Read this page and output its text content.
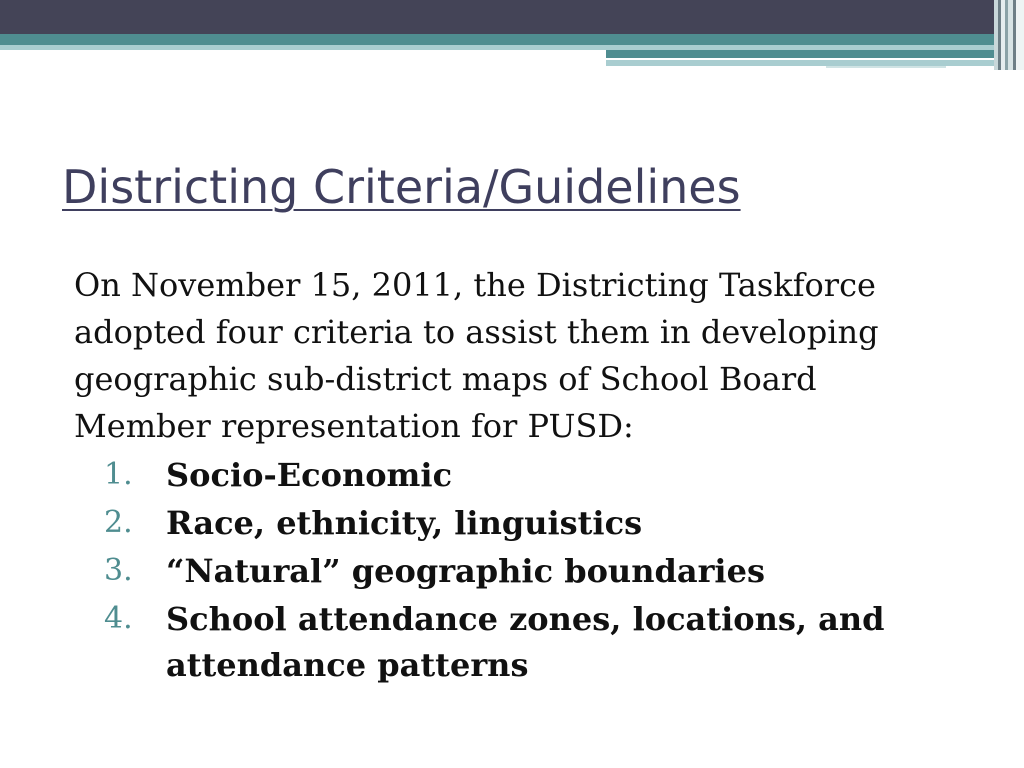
Districting Criteria/Guidelines

On November 15, 2011, the Districting Taskforce adopted four criteria to assist them in developing geographic sub-district maps of School Board Member representation for PUSD:

1. Socio-Economic
2. Race, ethnicity, linguistics
3. “Natural” geographic boundaries
4. School attendance zones, locations, and attendance patterns
